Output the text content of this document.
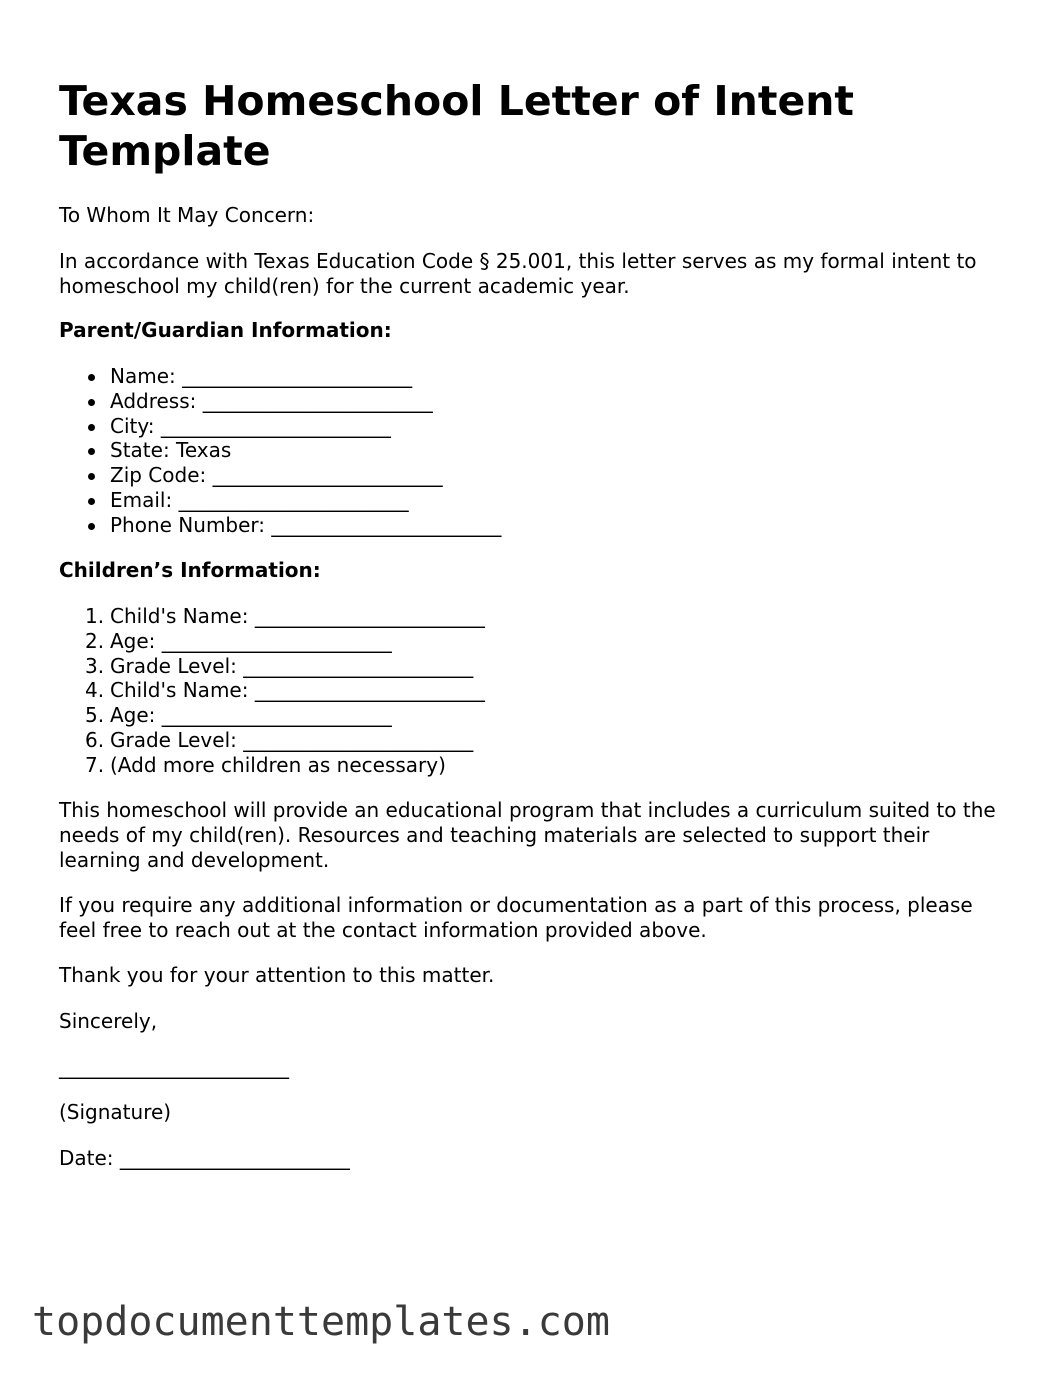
Texas Homeschool Letter of Intent Template

To Whom It May Concern:

In accordance with Texas Education Code § 25.001, this letter serves as my formal intent to homeschool my child(ren) for the current academic year.

Parent/Guardian Information:

Name: _______________________
Address: _______________________
City: _______________________
State: Texas
Zip Code: _______________________
Email: _______________________
Phone Number: _______________________

Children’s Information:

1. Child's Name: _______________________
2. Age: _______________________
3. Grade Level: _______________________
4. Child's Name: _______________________
5. Age: _______________________
6. Grade Level: _______________________
7. (Add more children as necessary)

This homeschool will provide an educational program that includes a curriculum suited to the needs of my child(ren). Resources and teaching materials are selected to support their learning and development.

If you require any additional information or documentation as a part of this process, please feel free to reach out at the contact information provided above.

Thank you for your attention to this matter.

Sincerely,

_______________________

(Signature)

Date: _______________________

topdocumenttemplates.com
